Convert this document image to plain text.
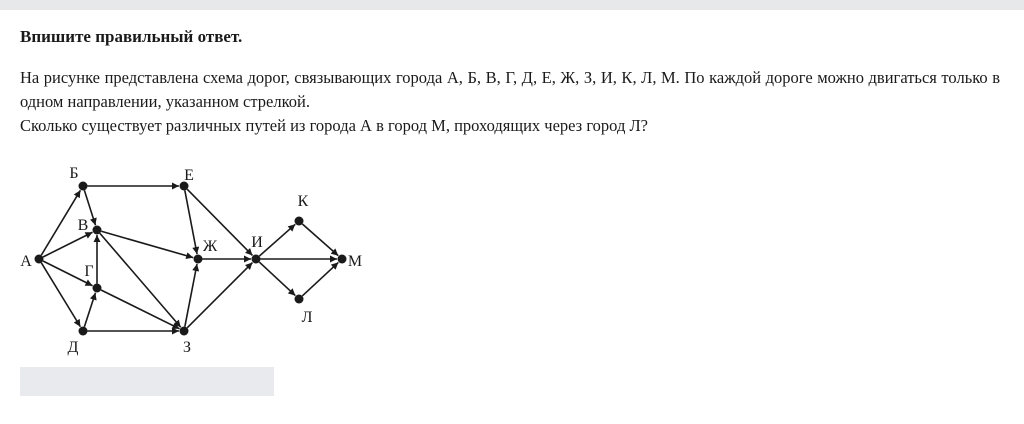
Впишите правильный ответ.

На рисунке представлена схема дорог, связывающих города А, Б, В, Г, Д, Е, Ж, З, И, К, Л, М. По каждой дороге можно двигаться только в одном направлении, указанном стрелкой.

Сколько существует различных путей из города А в город М, проходящих через город Л?

А
Б
В
Г
Д
Е
Ж
З
И
К
Л
М
